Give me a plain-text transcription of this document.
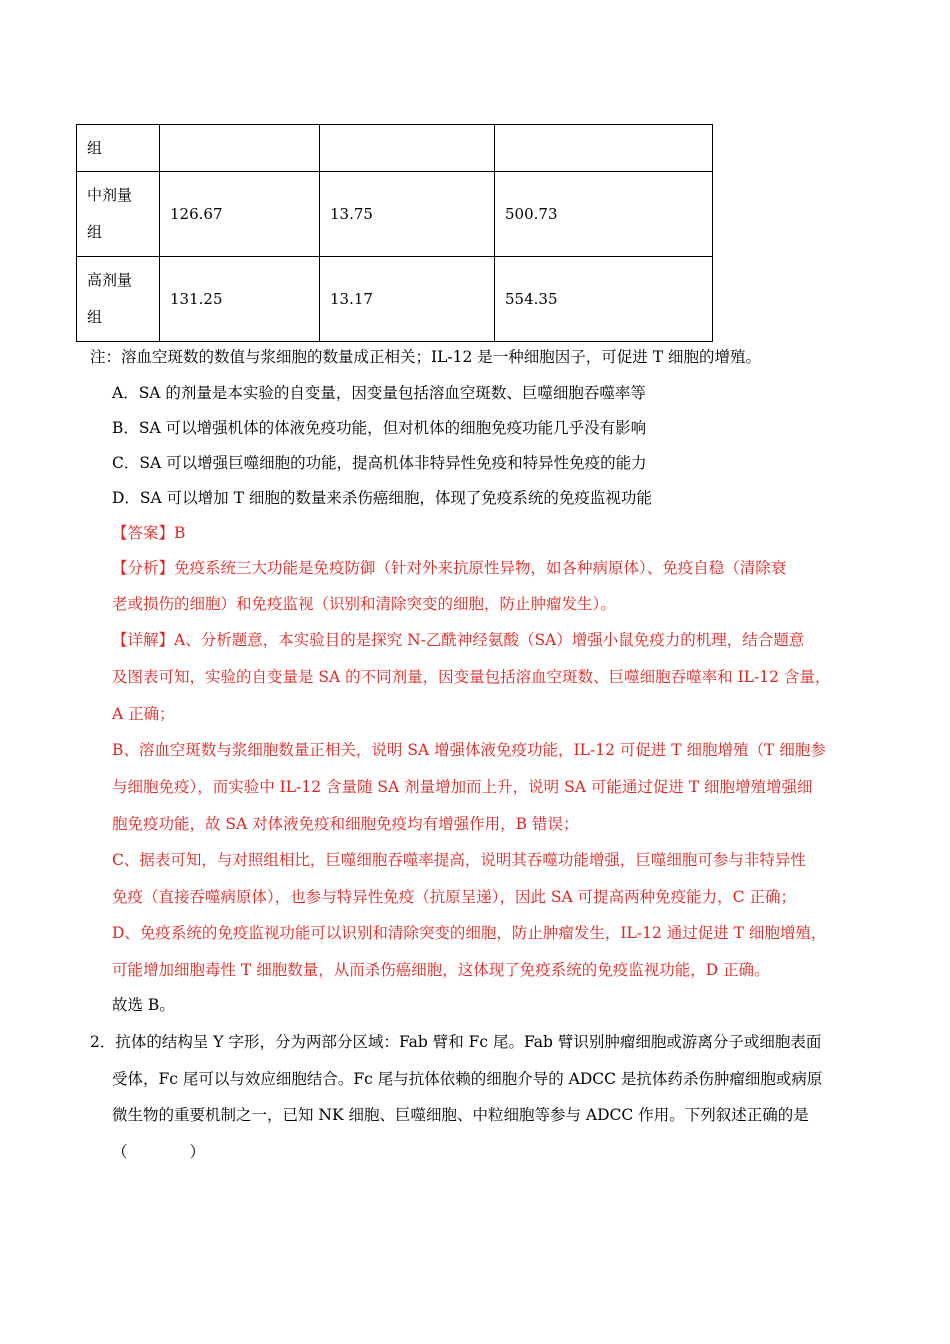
组			

中剂量
组	126.67	13.75	500.73

高剂量
组	131.25	13.17	554.35
注：溶血空斑数的数值与浆细胞的数量成正相关；IL-12 是一种细胞因子，可促进 T 细胞的增殖。
A．SA 的剂量是本实验的自变量，因变量包括溶血空斑数、巨噬细胞吞噬率等
B．SA 可以增强机体的体液免疫功能，但对机体的细胞免疫功能几乎没有影响
C．SA 可以增强巨噬细胞的功能，提高机体非特异性免疫和特异性免疫的能力
D．SA 可以增加 T 细胞的数量来杀伤癌细胞，体现了免疫系统的免疫监视功能
【答案】B
【分析】免疫系统三大功能是免疫防御（针对外来抗原性异物，如各种病原体）、免疫自稳（清除衰
老或损伤的细胞）和免疫监视（识别和清除突变的细胞，防止肿瘤发生）。
【详解】A、分析题意，本实验目的是探究 N-乙酰神经氨酸（SA）增强小鼠免疫力的机理，结合题意
及图表可知，实验的自变量是 SA 的不同剂量，因变量包括溶血空斑数、巨噬细胞吞噬率和 IL-12 含量，
A 正确；
B、溶血空斑数与浆细胞数量正相关，说明 SA 增强体液免疫功能，IL-12 可促进 T 细胞增殖（T 细胞参
与细胞免疫），而实验中 IL-12 含量随 SA 剂量增加而上升，说明 SA 可能通过促进 T 细胞增殖增强细
胞免疫功能，故 SA 对体液免疫和细胞免疫均有增强作用，B 错误；
C、据表可知，与对照组相比，巨噬细胞吞噬率提高，说明其吞噬功能增强，巨噬细胞可参与非特异性
免疫（直接吞噬病原体），也参与特异性免疫（抗原呈递），因此 SA 可提高两种免疫能力，C 正确；
D、免疫系统的免疫监视功能可以识别和清除突变的细胞，防止肿瘤发生，IL-12 通过促进 T 细胞增殖，
可能增加细胞毒性 T 细胞数量，从而杀伤癌细胞，这体现了免疫系统的免疫监视功能，D 正确。
故选 B。
2．抗体的结构呈 Y 字形，分为两部分区域：Fab 臂和 Fc 尾。Fab 臂识别肿瘤细胞或游离分子或细胞表面
受体，Fc 尾可以与效应细胞结合。Fc 尾与抗体依赖的细胞介导的 ADCC 是抗体药杀伤肿瘤细胞或病原
微生物的重要机制之一，已知 NK 细胞、巨噬细胞、中粒细胞等参与 ADCC 作用。下列叙述正确的是
（　　　　）
